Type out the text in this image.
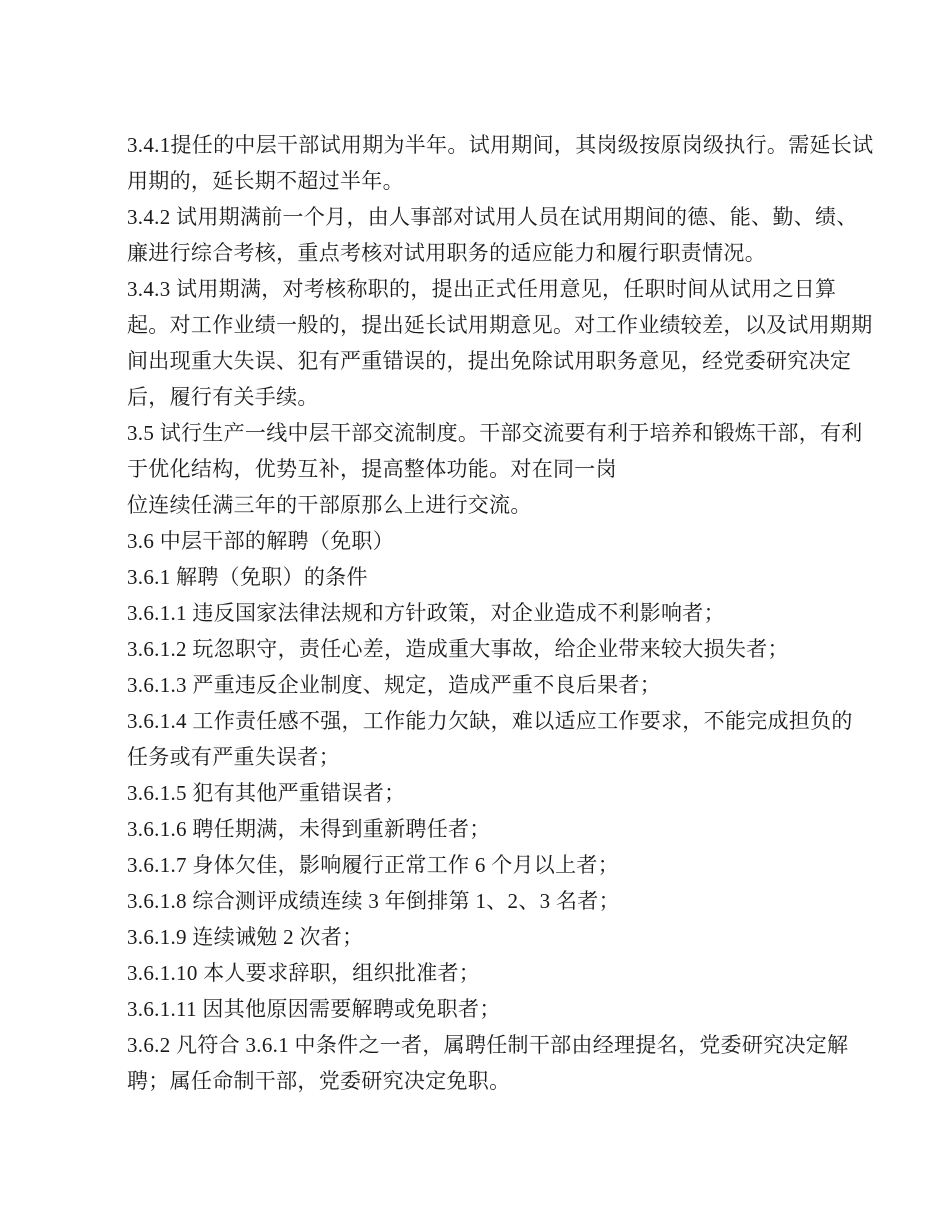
3.4.1提任的中层干部试用期为半年。试用期间，其岗级按原岗级执行。需延长试
用期的，延长期不超过半年。
3.4.2 试用期满前一个月，由人事部对试用人员在试用期间的德、能、勤、绩、
廉进行综合考核，重点考核对试用职务的适应能力和履行职责情况。
3.4.3 试用期满，对考核称职的，提出正式任用意见，任职时间从试用之日算
起。对工作业绩一般的，提出延长试用期意见。对工作业绩较差，以及试用期期
间出现重大失误、犯有严重错误的，提出免除试用职务意见，经党委研究决定
后，履行有关手续。
3.5 试行生产一线中层干部交流制度。干部交流要有利于培养和锻炼干部，有利
于优化结构，优势互补，提高整体功能。对在同一岗
位连续任满三年的干部原那么上进行交流。
3.6 中层干部的解聘（免职）
3.6.1 解聘（免职）的条件
3.6.1.1 违反国家法律法规和方针政策，对企业造成不利影响者；
3.6.1.2 玩忽职守，责任心差，造成重大事故，给企业带来较大损失者；
3.6.1.3 严重违反企业制度、规定，造成严重不良后果者；
3.6.1.4 工作责任感不强，工作能力欠缺，难以适应工作要求，不能完成担负的
任务或有严重失误者；
3.6.1.5 犯有其他严重错误者；
3.6.1.6 聘任期满，未得到重新聘任者；
3.6.1.7 身体欠佳，影响履行正常工作 6 个月以上者；
3.6.1.8 综合测评成绩连续 3 年倒排第 1、2、3 名者；
3.6.1.9 连续诫勉 2 次者；
3.6.1.10 本人要求辞职，组织批准者；
3.6.1.11 因其他原因需要解聘或免职者；
3.6.2 凡符合 3.6.1 中条件之一者，属聘任制干部由经理提名，党委研究决定解
聘；属任命制干部，党委研究决定免职。
